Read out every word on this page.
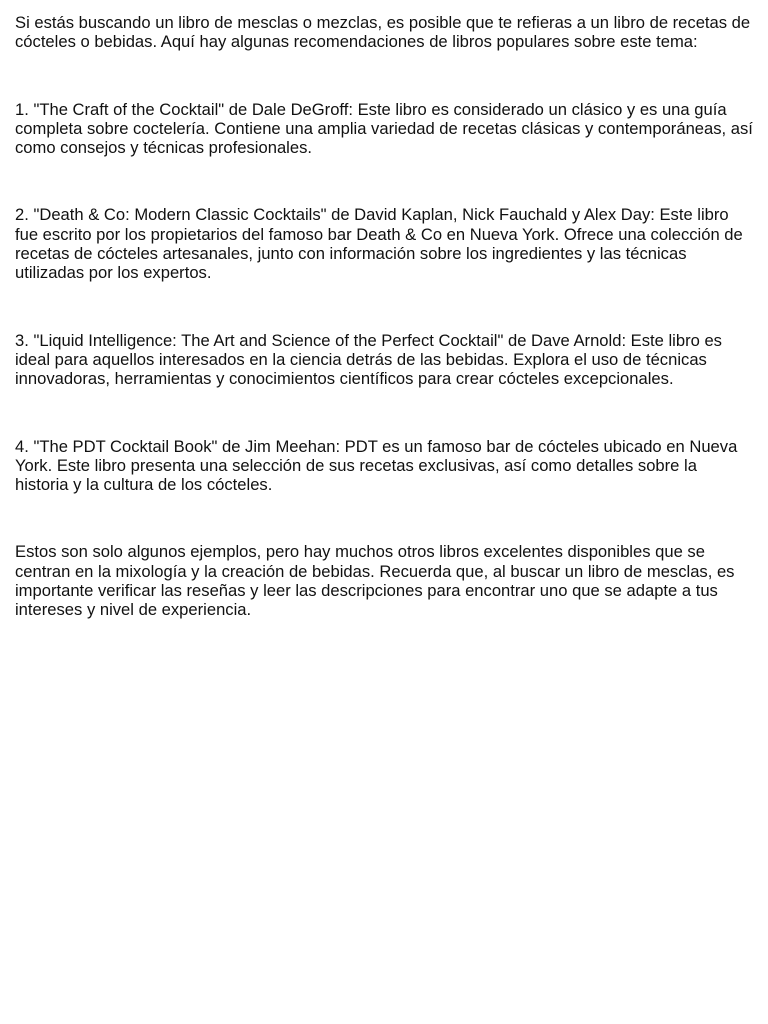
Si estás buscando un libro de mesclas o mezclas, es posible que te refieras a un libro de recetas de cócteles o bebidas. Aquí hay algunas recomendaciones de libros populares sobre este tema:

1. "The Craft of the Cocktail" de Dale DeGroff: Este libro es considerado un clásico y es una guía completa sobre coctelería. Contiene una amplia variedad de recetas clásicas y contemporáneas, así como consejos y técnicas profesionales.

2. "Death & Co: Modern Classic Cocktails" de David Kaplan, Nick Fauchald y Alex Day: Este libro fue escrito por los propietarios del famoso bar Death & Co en Nueva York. Ofrece una colección de recetas de cócteles artesanales, junto con información sobre los ingredientes y las técnicas utilizadas por los expertos.

3. "Liquid Intelligence: The Art and Science of the Perfect Cocktail" de Dave Arnold: Este libro es ideal para aquellos interesados en la ciencia detrás de las bebidas. Explora el uso de técnicas innovadoras, herramientas y conocimientos científicos para crear cócteles excepcionales.

4. "The PDT Cocktail Book" de Jim Meehan: PDT es un famoso bar de cócteles ubicado en Nueva York. Este libro presenta una selección de sus recetas exclusivas, así como detalles sobre la historia y la cultura de los cócteles.

Estos son solo algunos ejemplos, pero hay muchos otros libros excelentes disponibles que se centran en la mixología y la creación de bebidas. Recuerda que, al buscar un libro de mesclas, es importante verificar las reseñas y leer las descripciones para encontrar uno que se adapte a tus intereses y nivel de experiencia.
